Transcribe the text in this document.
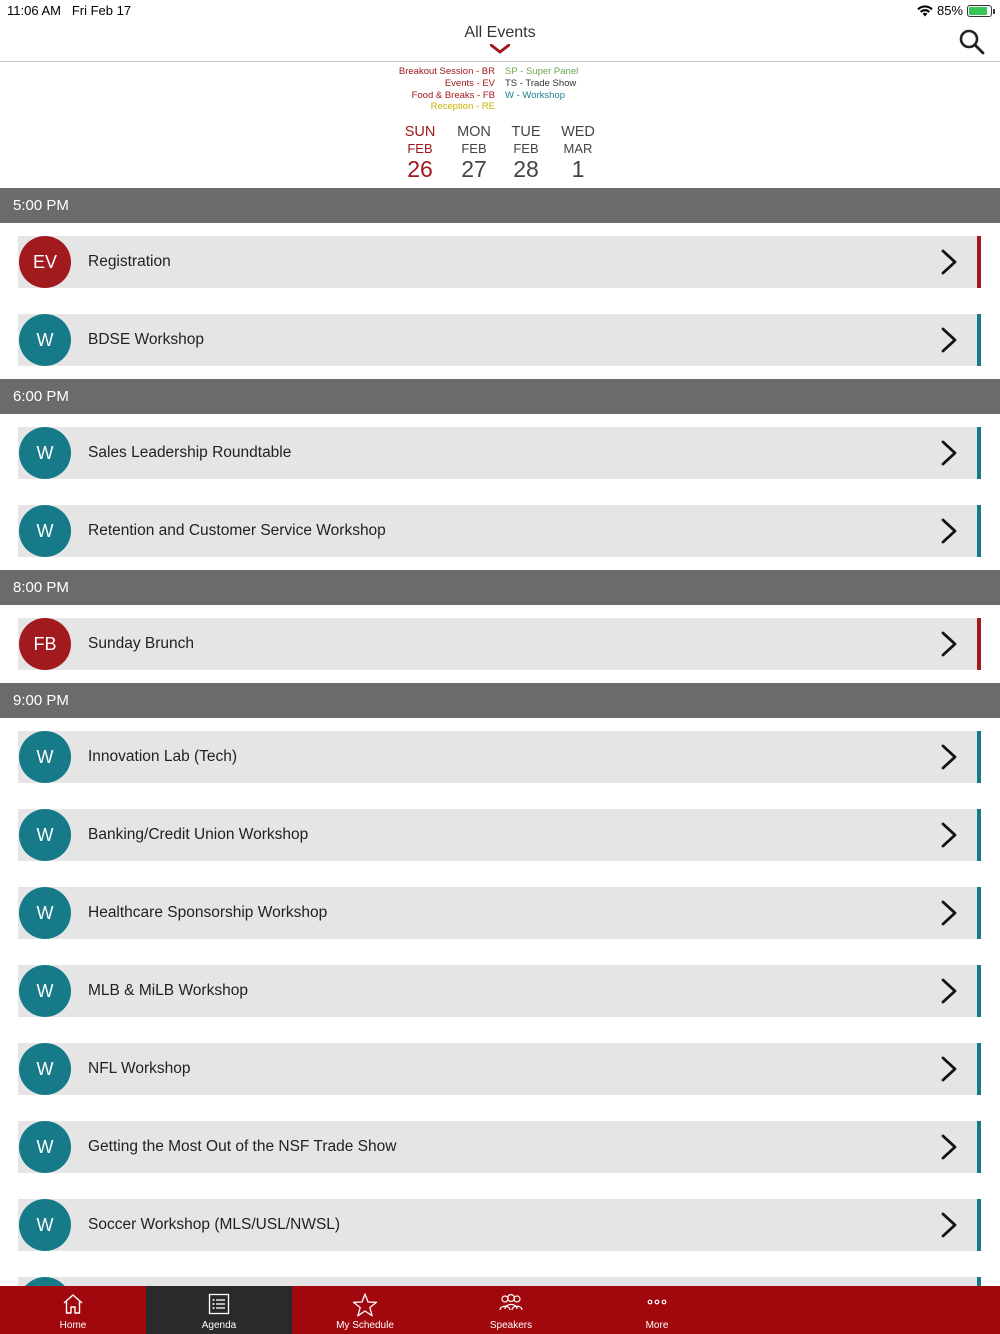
11:06 AM Fri Feb 17	85%
All Events
Breakout Session - BR
Events - EV
Food & Breaks - FB
Reception - RE
SP - Super Panel
TS - Trade Show
W - Workshop
SUN
FEB
26
MON
FEB
27
TUE
FEB
28
WED
MAR
1
5:00 PM
EV	Registration
W	BDSE Workshop
6:00 PM
W	Sales Leadership Roundtable
W	Retention and Customer Service Workshop
8:00 PM
FB	Sunday Brunch
9:00 PM
W	Innovation Lab (Tech)
W	Banking/Credit Union Workshop
W	Healthcare Sponsorship Workshop
W	MLB & MiLB Workshop
W	NFL Workshop
W	Getting the Most Out of the NSF Trade Show
W	Soccer Workshop (MLS/USL/NWSL)
Home	Agenda	My Schedule	Speakers	More
